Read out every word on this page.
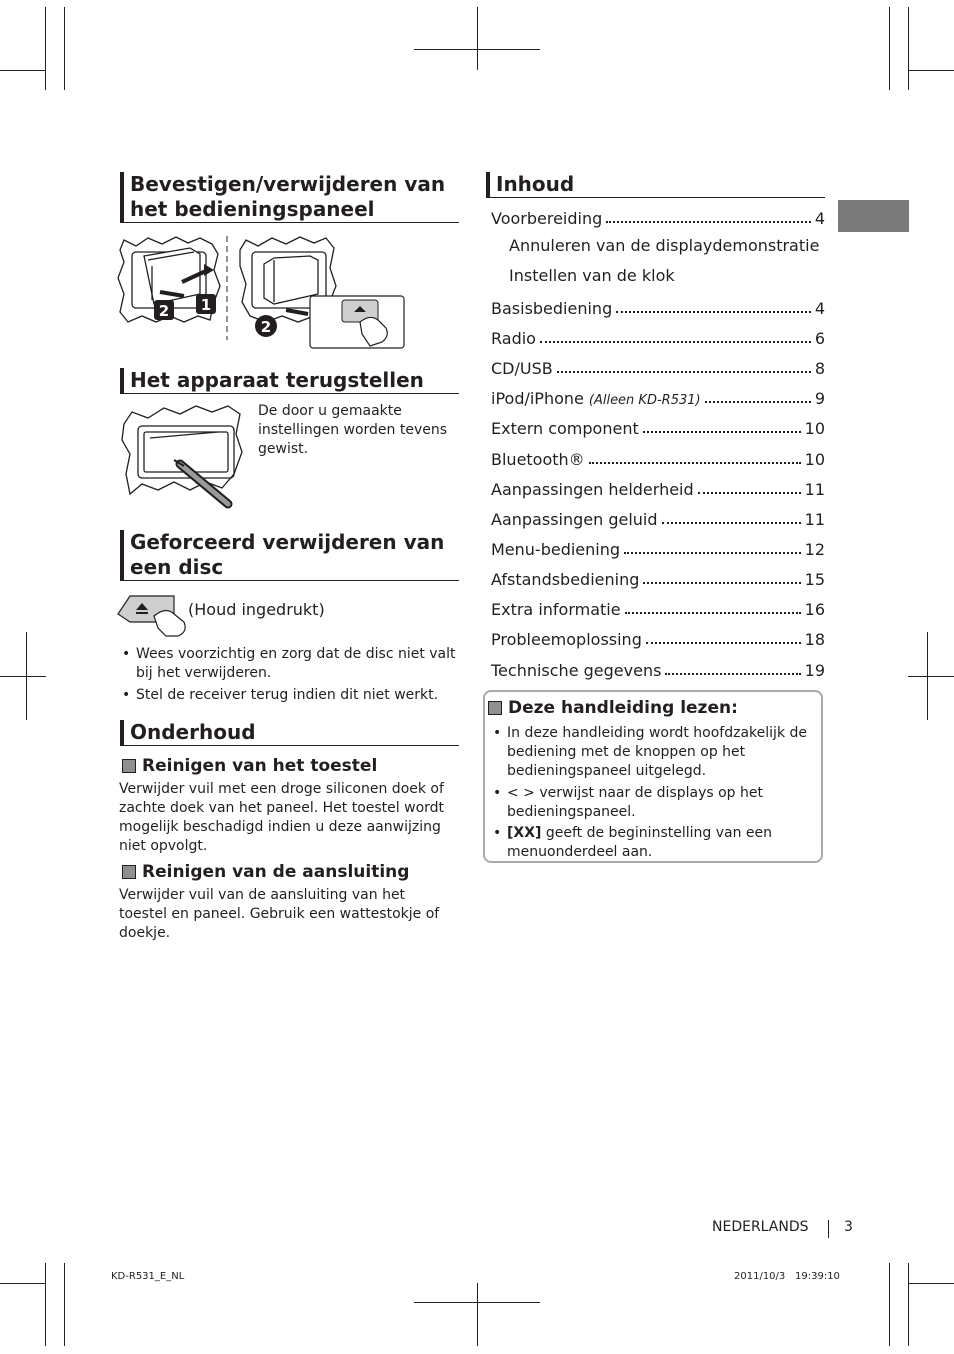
Bevestigen/verwijderen van het bedieningspaneel
1
2
2
Het apparaat terugstellen
De door u gemaakte instellingen worden tevens gewist.
Geforceerd verwijderen van een disc
(Houd ingedrukt)
• Wees voorzichtig en zorg dat de disc niet valt bij het verwijderen.
• Stel de receiver terug indien dit niet werkt.
Onderhoud
Reinigen van het toestel
Verwijder vuil met een droge siliconen doek of zachte doek van het paneel. Het toestel wordt mogelijk beschadigd indien u deze aanwijzing niet opvolgt.
Reinigen van de aansluiting
Verwijder vuil van de aansluiting van het toestel en paneel. Gebruik een wattestokje of doekje.
Inhoud
Voorbereiding	4
Annuleren van de displaydemonstratie
Instellen van de klok
Basisbediening	4
Radio	6
CD/USB	8
iPod/iPhone (Alleen KD-R531)	9
Extern component	10
Bluetooth®	10
Aanpassingen helderheid	11
Aanpassingen geluid	11
Menu-bediening	12
Afstandsbediening	15
Extra informatie	16
Probleemoplossing	18
Technische gegevens	19
Deze handleiding lezen:
• In deze handleiding wordt hoofdzakelijk de bediening met de knoppen op het bedieningspaneel uitgelegd.
• < > verwijst naar de displays op het bedieningspaneel.
• [XX] geeft de begininstelling van een menuonderdeel aan.
NEDERLANDS	3
KD-R531_E_NL	2011/10/3 19:39:10
